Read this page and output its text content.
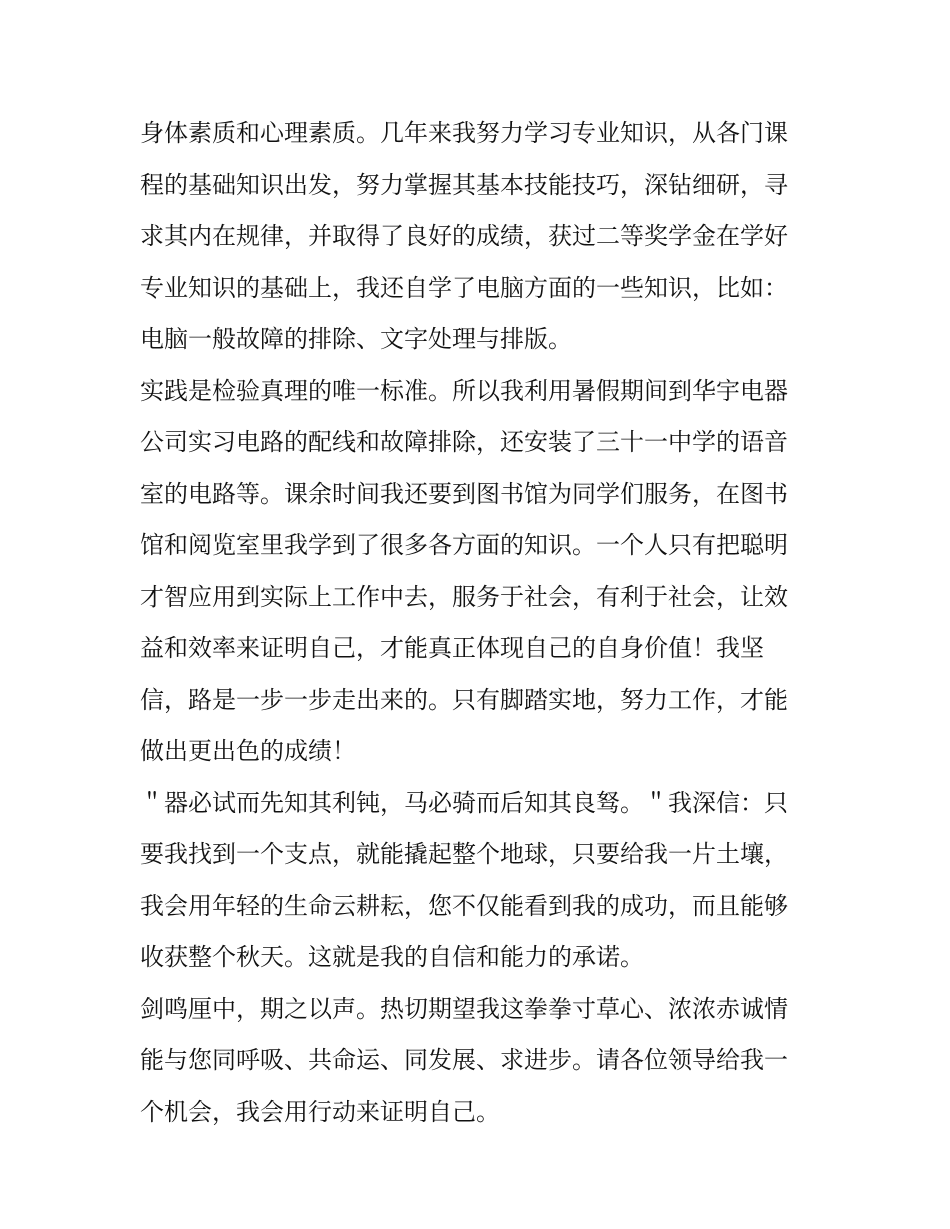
身体素质和心理素质。几年来我努力学习专业知识，从各门课
程的基础知识出发，努力掌握其基本技能技巧，深钻细研，寻
求其内在规律，并取得了良好的成绩，获过二等奖学金在学好
专业知识的基础上，我还自学了电脑方面的一些知识，比如：
电脑一般故障的排除、文字处理与排版。
实践是检验真理的唯一标准。所以我利用暑假期间到华宇电器
公司实习电路的配线和故障排除，还安装了三十一中学的语音
室的电路等。课余时间我还要到图书馆为同学们服务，在图书
馆和阅览室里我学到了很多各方面的知识。一个人只有把聪明
才智应用到实际上工作中去，服务于社会，有利于社会，让效
益和效率来证明自己，才能真正体现自己的自身价值！我坚
信，路是一步一步走出来的。只有脚踏实地，努力工作，才能
做出更出色的成绩！
＂器必试而先知其利钝，马必骑而后知其良驽。＂我深信：只
要我找到一个支点，就能撬起整个地球，只要给我一片土壤，
我会用年轻的生命云耕耘，您不仅能看到我的成功，而且能够
收获整个秋天。这就是我的自信和能力的承诺。
剑鸣厘中，期之以声。热切期望我这拳拳寸草心、浓浓赤诚情
能与您同呼吸、共命运、同发展、求进步。请各位领导给我一
个机会，我会用行动来证明自己。
